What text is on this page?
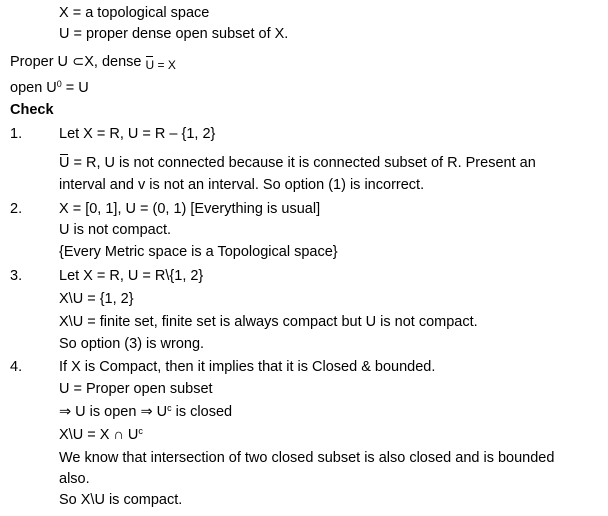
X = a topological space
U = proper dense open subset of X.
Proper U ⊂X, dense $_{U = X}$
open $U^0 = U$
Check
1.	Let X = R, U = R – {1, 2}
U = R, U is not connected because it is connected subset of R. Present an
interval and v is not an interval. So option (1) is incorrect.
2.	X = [0, 1], U = (0, 1) [Everything is usual]
U is not compact.
{Every Metric space is a Topological space}
3.	Let X = R, U = R\{1, 2}
X\U = {1, 2}
X\U = finite set, finite set is always compact but U is not compact.
So option (3) is wrong.
4.	If X is Compact, then it implies that it is Closed & bounded.
U = Proper open subset
⇒ U is open ⇒ $U^c$ is closed
X\U = X ∩ $U^c$
We know that intersection of two closed subset is also closed and is bounded
also.
So X\U is compact.
